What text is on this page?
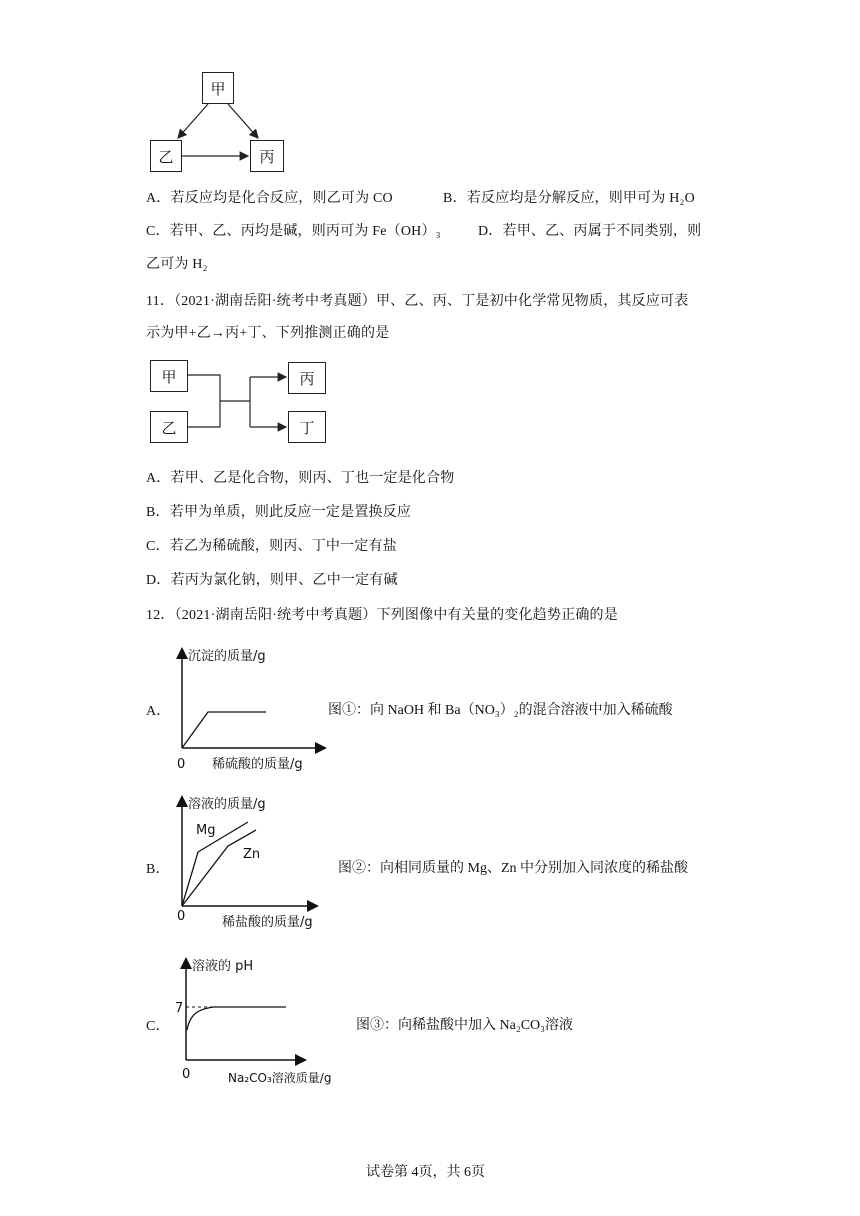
甲
乙	丙
A．若反应均是化合反应，则乙可为 CO	B．若反应均是分解反应，则甲可为 H₂O
C．若甲、乙、丙均是碱，则丙可为 Fe（OH）₃	D．若甲、乙、丙属于不同类别，则
乙可为 H₂
11．（2021·湖南岳阳·统考中考真题）甲、乙、丙、丁是初中化学常见物质，其反应可表
示为甲+乙→丙+丁、下列推测正确的是
甲
乙
丙
丁
A．若甲、乙是化合物，则丙、丁也一定是化合物
B．若甲为单质，则此反应一定是置换反应
C．若乙为稀硫酸，则丙、丁中一定有盐
D．若丙为氯化钠，则甲、乙中一定有碱
12．（2021·湖南岳阳·统考中考真题）下列图像中有关量的变化趋势正确的是
A．
沉淀的质量/g
稀硫酸的质量/g
0
图①：向 NaOH 和 Ba（NO₃）₂的混合溶液中加入稀硫酸
B．
溶液的质量/g
Mg
Zn
稀盐酸的质量/g
0
图②：向相同质量的 Mg、Zn 中分别加入同浓度的稀盐酸
C．
溶液的 pH
7
Na₂CO₃溶液质量/g
0
图③：向稀盐酸中加入 Na₂CO₃溶液
试卷第 4页，共 6页
